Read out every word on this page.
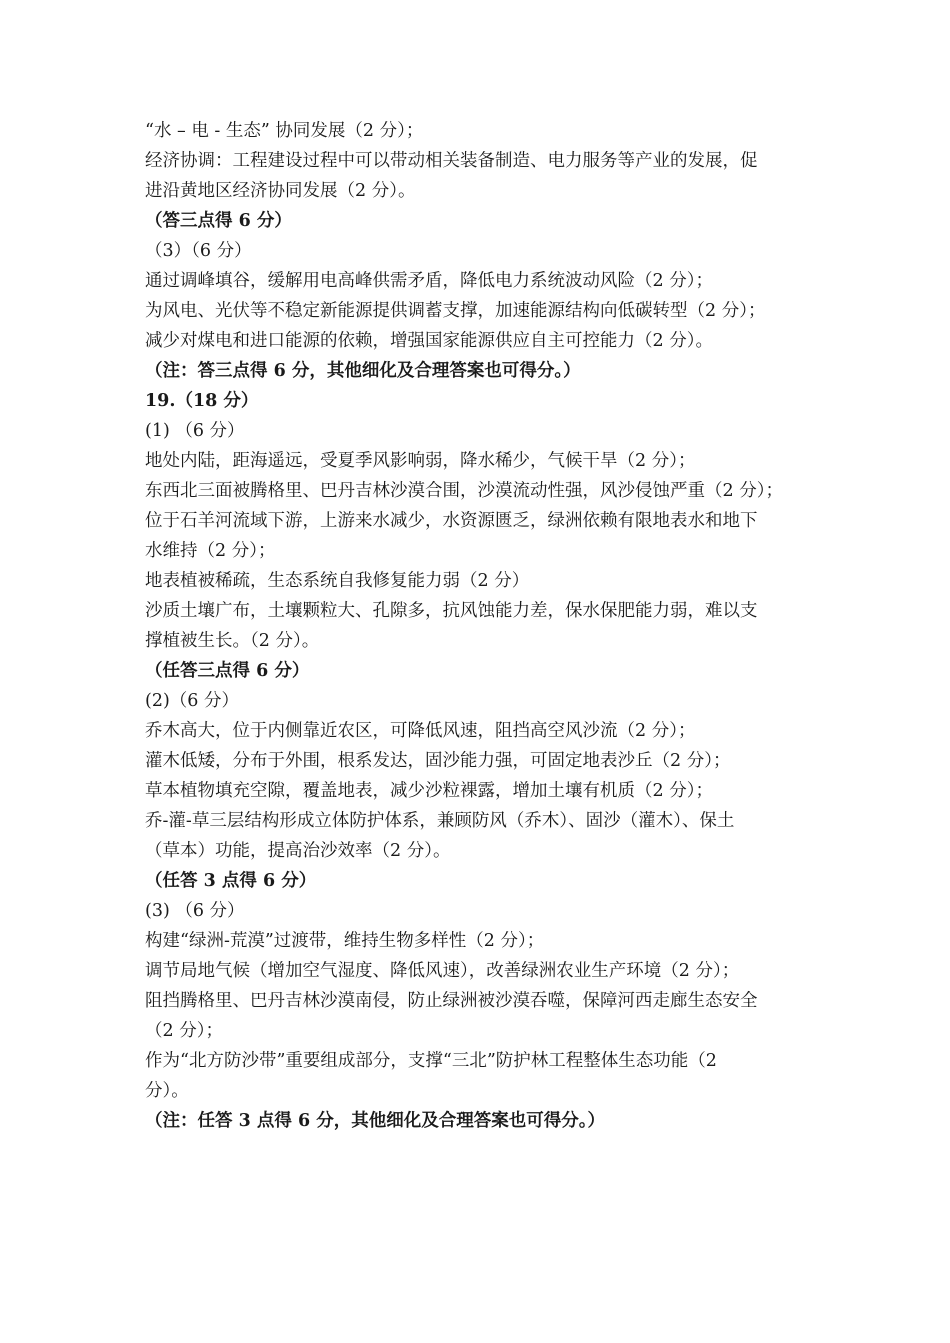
“水 – 电 - 生态” 协同发展（2 分）；
经济协调：工程建设过程中可以带动相关装备制造、电力服务等产业的发展，促
进沿黄地区经济协同发展（2 分）。
（答三点得 6 分）
（3）（6 分）
通过调峰填谷，缓解用电高峰供需矛盾，降低电力系统波动风险（2 分）；
为风电、光伏等不稳定新能源提供调蓄支撑，加速能源结构向低碳转型（2 分）；
减少对煤电和进口能源的依赖，增强国家能源供应自主可控能力（2 分）。
（注：答三点得 6 分，其他细化及合理答案也可得分。）
19.（18 分）
(1) （6 分）
地处内陆，距海遥远，受夏季风影响弱，降水稀少，气候干旱（2 分）；
东西北三面被腾格里、巴丹吉林沙漠合围，沙漠流动性强，风沙侵蚀严重（2 分）；
位于石羊河流域下游，上游来水减少，水资源匮乏，绿洲依赖有限地表水和地下
水维持（2 分）；
地表植被稀疏，生态系统自我修复能力弱（2 分）
沙质土壤广布，土壤颗粒大、孔隙多，抗风蚀能力差，保水保肥能力弱，难以支
撑植被生长。（2 分）。
（任答三点得 6 分）
(2)（6 分）
乔木高大，位于内侧靠近农区，可降低风速，阻挡高空风沙流（2 分）；
灌木低矮，分布于外围，根系发达，固沙能力强，可固定地表沙丘（2 分）；
草本植物填充空隙，覆盖地表，减少沙粒裸露，增加土壤有机质（2 分）；
乔-灌-草三层结构形成立体防护体系，兼顾防风（乔木）、固沙（灌木）、保土
（草本）功能，提高治沙效率（2 分）。
（任答 3 点得 6 分）
(3) （6 分）
构建“绿洲-荒漠”过渡带，维持生物多样性（2 分）；
调节局地气候（增加空气湿度、降低风速），改善绿洲农业生产环境（2 分）；
阻挡腾格里、巴丹吉林沙漠南侵，防止绿洲被沙漠吞噬，保障河西走廊生态安全
（2 分）；
作为“北方防沙带”重要组成部分，支撑“三北”防护林工程整体生态功能（2
分）。
（注：任答 3 点得 6 分，其他细化及合理答案也可得分。）
